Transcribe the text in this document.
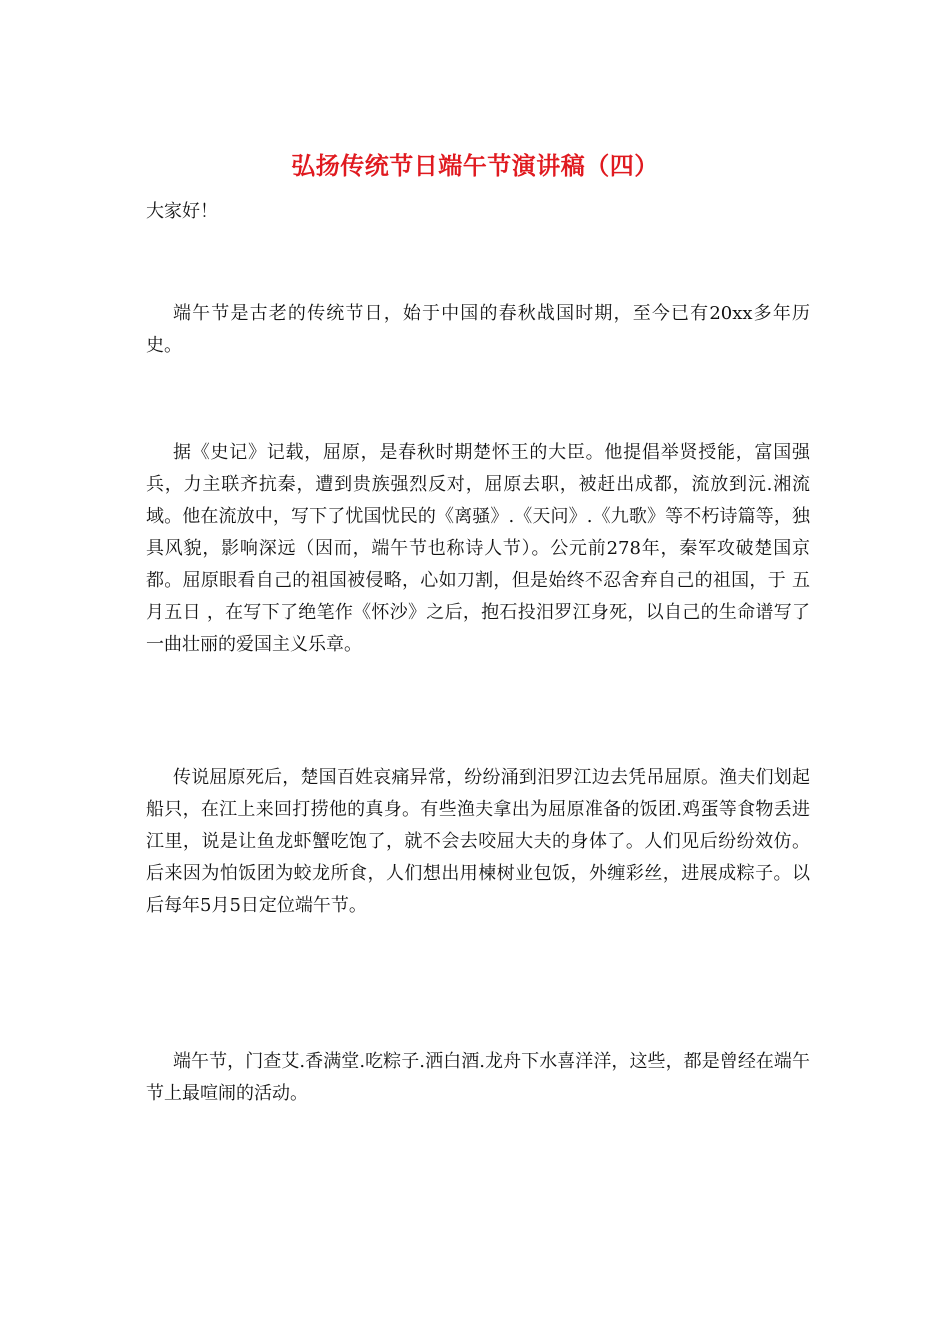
弘扬传统节日端午节演讲稿（四）

大家好！

端午节是古老的传统节日，始于中国的春秋战国时期，至今已有20xx多年历史。

据《史记》记载，屈原，是春秋时期楚怀王的大臣。他提倡举贤授能，富国强兵，力主联齐抗秦，遭到贵族强烈反对，屈原去职，被赶出成都，流放到沅.湘流域。他在流放中，写下了忧国忧民的《离骚》.《天问》.《九歌》等不朽诗篇等，独具风貌，影响深远（因而，端午节也称诗人节）。公元前278年，秦军攻破楚国京都。屈原眼看自己的祖国被侵略，心如刀割，但是始终不忍舍弃自己的祖国，于 五月五日 ，在写下了绝笔作《怀沙》之后，抱石投汨罗江身死，以自己的生命谱写了一曲壮丽的爱国主义乐章。

传说屈原死后，楚国百姓哀痛异常，纷纷涌到汨罗江边去凭吊屈原。渔夫们划起船只，在江上来回打捞他的真身。有些渔夫拿出为屈原准备的饭团.鸡蛋等食物丢进江里，说是让鱼龙虾蟹吃饱了，就不会去咬屈大夫的身体了。人们见后纷纷效仿。后来因为怕饭团为蛟龙所食，人们想出用楝树业包饭，外缠彩丝，进展成粽子。以后每年5月5日定位端午节。

端午节，门查艾.香满堂.吃粽子.洒白酒.龙舟下水喜洋洋，这些，都是曾经在端午节上最喧闹的活动。
